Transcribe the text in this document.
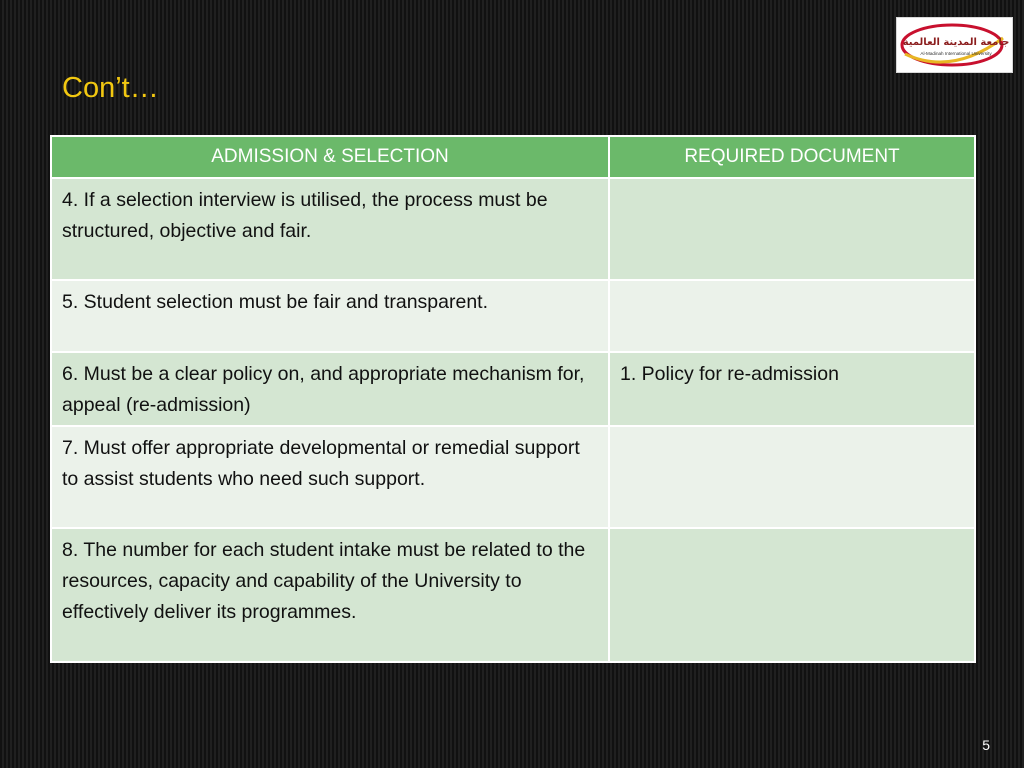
Con’t…
جامعة المدينة العالمية
Al-Madinah International University
ADMISSION & SELECTION	REQUIRED DOCUMENT
4. If a selection interview is utilised, the process must be structured, objective and fair.	
5. Student selection must be fair and transparent.	
6. Must be a clear policy on, and appropriate mechanism for, appeal (re-admission)	1. Policy for re-admission
7. Must offer appropriate developmental or remedial support to assist students who need such support.	
8. The number for each student intake must be related to the resources, capacity and capability of the University to effectively deliver its programmes.	
5
